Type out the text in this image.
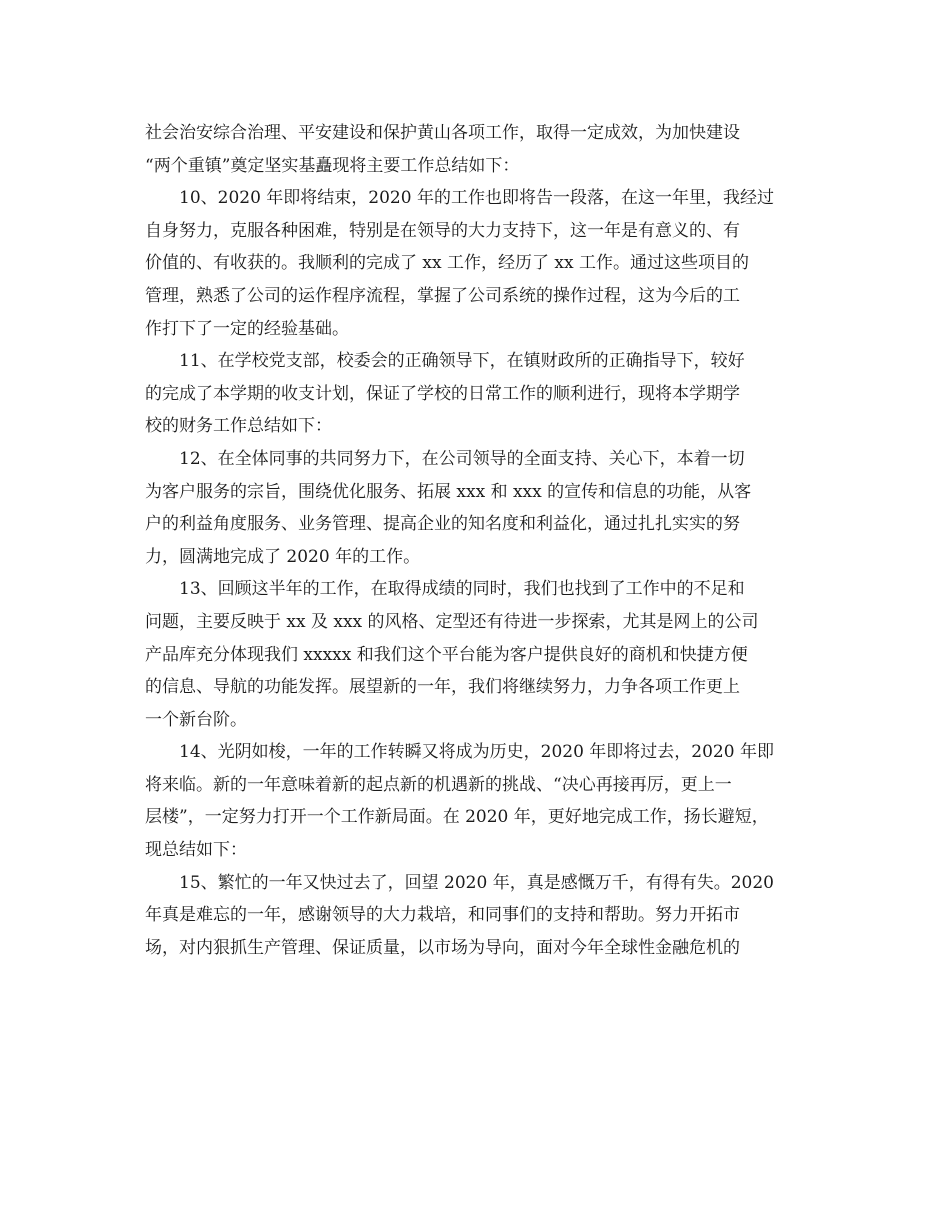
社会治安综合治理、平安建设和保护黄山各项工作，取得一定成效，为加快建设
“两个重镇”奠定坚实基矗现将主要工作总结如下：
10、2020 年即将结束，2020 年的工作也即将告一段落，在这一年里，我经过
自身努力，克服各种困难，特别是在领导的大力支持下，这一年是有意义的、有
价值的、有收获的。我顺利的完成了 xx 工作，经历了 xx 工作。通过这些项目的
管理，熟悉了公司的运作程序流程，掌握了公司系统的操作过程，这为今后的工
作打下了一定的经验基础。
11、在学校党支部，校委会的正确领导下，在镇财政所的正确指导下，较好
的完成了本学期的收支计划，保证了学校的日常工作的顺利进行，现将本学期学
校的财务工作总结如下：
12、在全体同事的共同努力下，在公司领导的全面支持、关心下，本着一切
为客户服务的宗旨，围绕优化服务、拓展 xxx 和 xxx 的宣传和信息的功能，从客
户的利益角度服务、业务管理、提高企业的知名度和利益化，通过扎扎实实的努
力，圆满地完成了 2020 年的工作。
13、回顾这半年的工作，在取得成绩的同时，我们也找到了工作中的不足和
问题，主要反映于 xx 及 xxx 的风格、定型还有待进一步探索，尤其是网上的公司
产品库充分体现我们 xxxxx 和我们这个平台能为客户提供良好的商机和快捷方便
的信息、导航的功能发挥。展望新的一年，我们将继续努力，力争各项工作更上
一个新台阶。
14、光阴如梭，一年的工作转瞬又将成为历史，2020 年即将过去，2020 年即
将来临。新的一年意味着新的起点新的机遇新的挑战、“决心再接再厉，更上一
层楼”，一定努力打开一个工作新局面。在 2020 年，更好地完成工作，扬长避短，
现总结如下：
15、繁忙的一年又快过去了，回望 2020 年，真是感慨万千，有得有失。2020
年真是难忘的一年，感谢领导的大力栽培，和同事们的支持和帮助。努力开拓市
场，对内狠抓生产管理、保证质量，以市场为导向，面对今年全球性金融危机的
